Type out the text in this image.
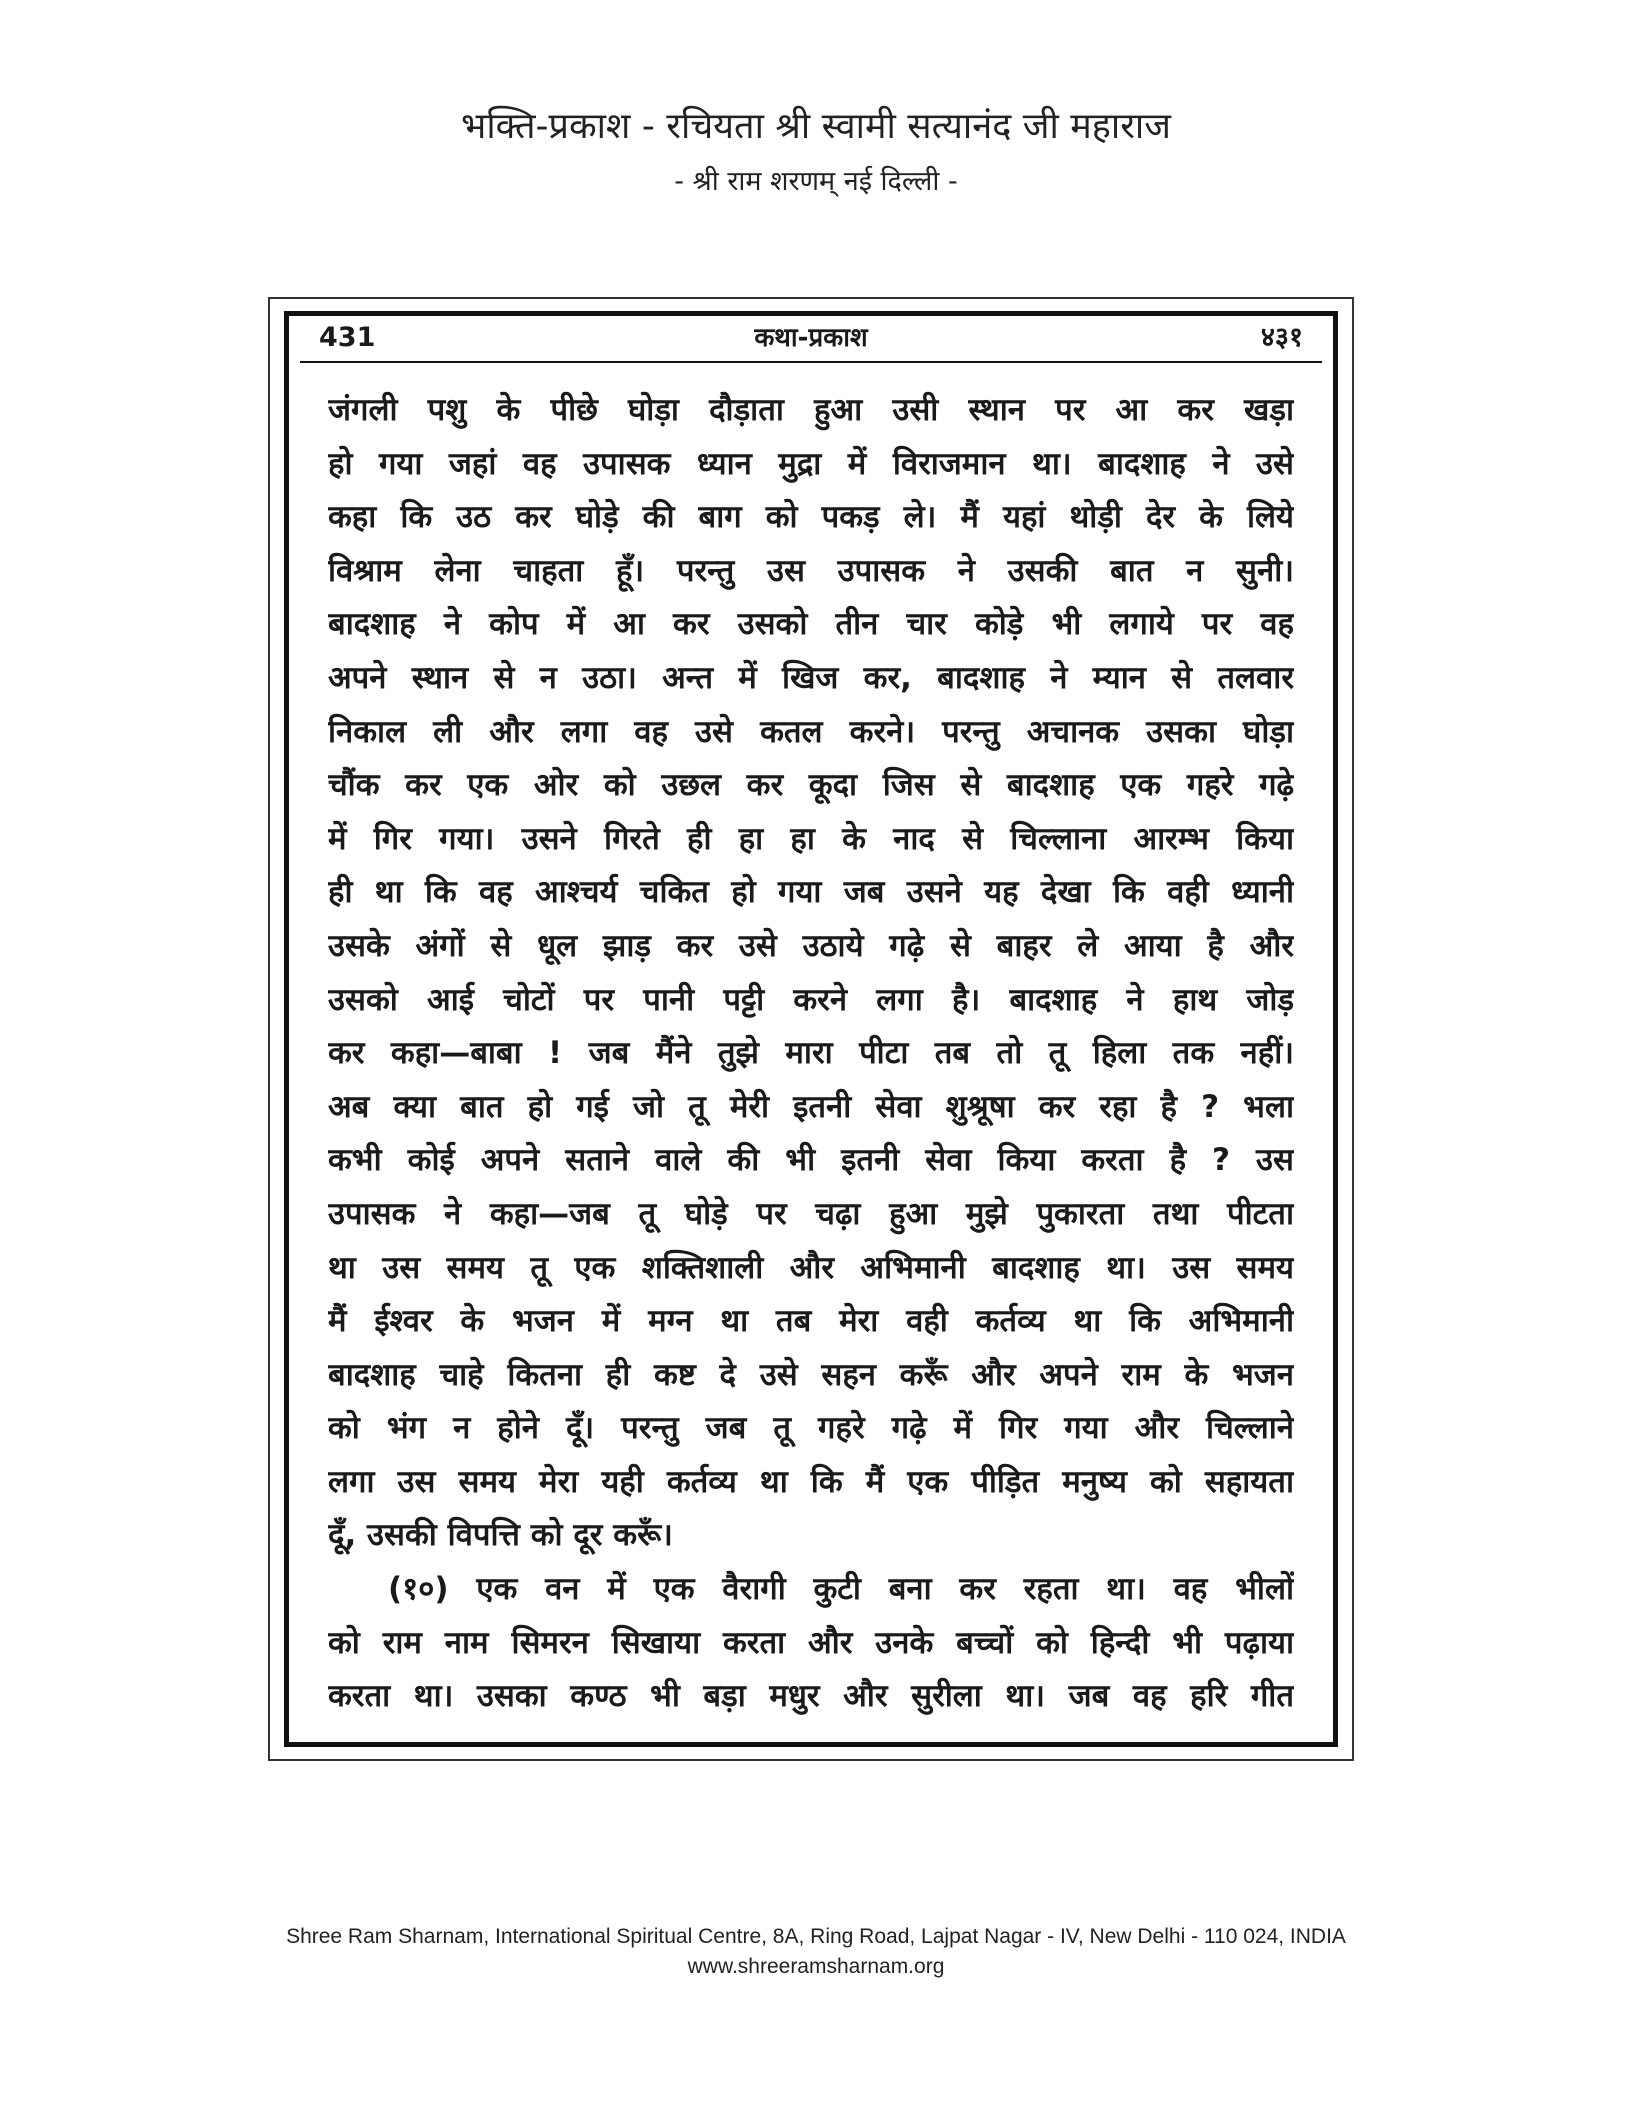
भक्ति-प्रकाश - रचियता श्री स्वामी सत्यानंद जी महाराज
- श्री राम शरणम् नई दिल्ली -
431	कथा-प्रकाश	४३१
जंगली पशु के पीछे घोड़ा दौड़ाता हुआ उसी स्थान पर आ कर खड़ा
हो गया जहां वह उपासक ध्यान मुद्रा में विराजमान था। बादशाह ने उसे
कहा कि उठ कर घोड़े की बाग को पकड़ ले। मैं यहां थोड़ी देर के लिये
विश्राम लेना चाहता हूँ। परन्तु उस उपासक ने उसकी बात न सुनी।
बादशाह ने कोप में आ कर उसको तीन चार कोड़े भी लगाये पर वह
अपने स्थान से न उठा। अन्त में खिज कर, बादशाह ने म्यान से तलवार
निकाल ली और लगा वह उसे कतल करने। परन्तु अचानक उसका घोड़ा
चौंक कर एक ओर को उछल कर कूदा जिस से बादशाह एक गहरे गढ़े
में गिर गया। उसने गिरते ही हा हा के नाद से चिल्लाना आरम्भ किया
ही था कि वह आश्चर्य चकित हो गया जब उसने यह देखा कि वही ध्यानी
उसके अंगों से धूल झाड़ कर उसे उठाये गढ़े से बाहर ले आया है और
उसको आई चोटों पर पानी पट्टी करने लगा है। बादशाह ने हाथ जोड़
कर कहा—बाबा ! जब मैंने तुझे मारा पीटा तब तो तू हिला तक नहीं।
अब क्या बात हो गई जो तू मेरी इतनी सेवा शुश्रूषा कर रहा है ? भला
कभी कोई अपने सताने वाले की भी इतनी सेवा किया करता है ? उस
उपासक ने कहा—जब तू घोड़े पर चढ़ा हुआ मुझे पुकारता तथा पीटता
था उस समय तू एक शक्तिशाली और अभिमानी बादशाह था। उस समय
मैं ईश्वर के भजन में मग्न था तब मेरा वही कर्तव्य था कि अभिमानी
बादशाह चाहे कितना ही कष्ट दे उसे सहन करूँ और अपने राम के भजन
को भंग न होने दूँ। परन्तु जब तू गहरे गढ़े में गिर गया और चिल्लाने
लगा उस समय मेरा यही कर्तव्य था कि मैं एक पीड़ित मनुष्य को सहायता
दूँ, उसकी विपत्ति को दूर करूँ।
(१०) एक वन में एक वैरागी कुटी बना कर रहता था। वह भीलों
को राम नाम सिमरन सिखाया करता और उनके बच्चों को हिन्दी भी पढ़ाया
करता था। उसका कण्ठ भी बड़ा मधुर और सुरीला था। जब वह हरि गीत
Shree Ram Sharnam, International Spiritual Centre, 8A, Ring Road, Lajpat Nagar - IV, New Delhi - 110 024, INDIA
www.shreeramsharnam.org
